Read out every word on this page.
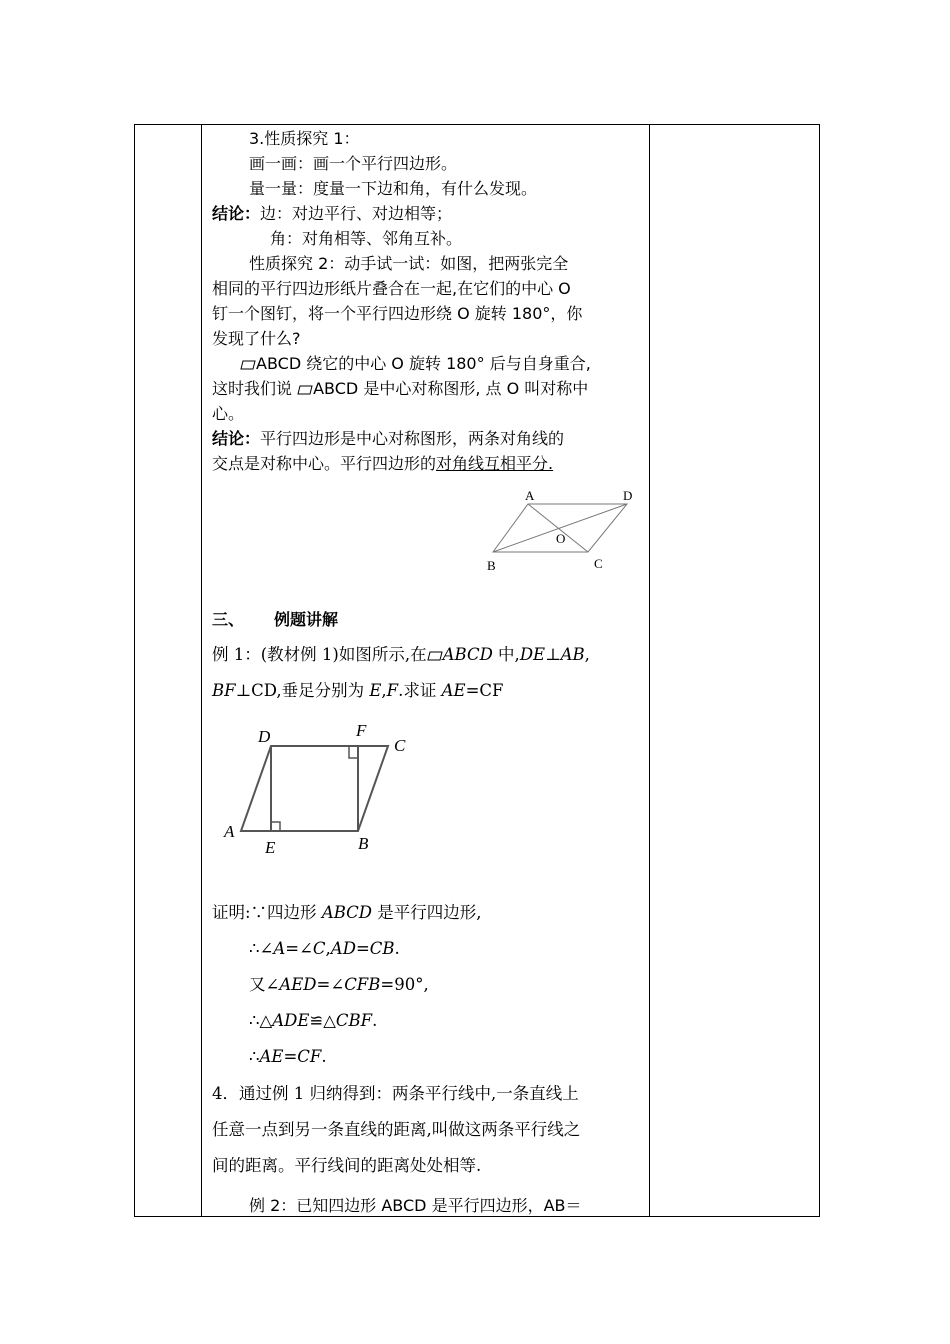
3.性质探究 1：
画一画：画一个平行四边形。
量一量：度量一下边和角，有什么发现。
结论：边：对边平行、对边相等；
角：对角相等、邻角互补。
性质探究 2：动手试一试：如图，把两张完全
相同的平行四边形纸片叠合在一起,在它们的中心 O
钉一个图钉，将一个平行四边形绕 O 旋转 180°，你
发现了什么?
ABCD 绕它的中心 O 旋转 180° 后与自身重合,
这时我们说 ABCD 是中心对称图形, 点 O 叫对称中
心。
结论：平行四边形是中心对称图形，两条对角线的
交点是对称中心。平行四边形的对角线互相平分.
A	D
O
B	C
三、 例题讲解
例 1：(教材例 1)如图所示,在 ABCD 中,DE⊥AB,
BF⊥CD,垂足分别为 E,F.求证 AE=CF
D	F
C
A
E	B
证明:∵四边形 ABCD 是平行四边形,
∴∠A=∠C,AD=CB.
又∠AED=∠CFB=90°,
∴△ADE≌△CBF.
∴AE=CF.
4．通过例 1 归纳得到：两条平行线中,一条直线上
任意一点到另一条直线的距离,叫做这两条平行线之
间的距离。平行线间的距离处处相等.
例 2：已知四边形 ABCD 是平行四边形，AB＝
